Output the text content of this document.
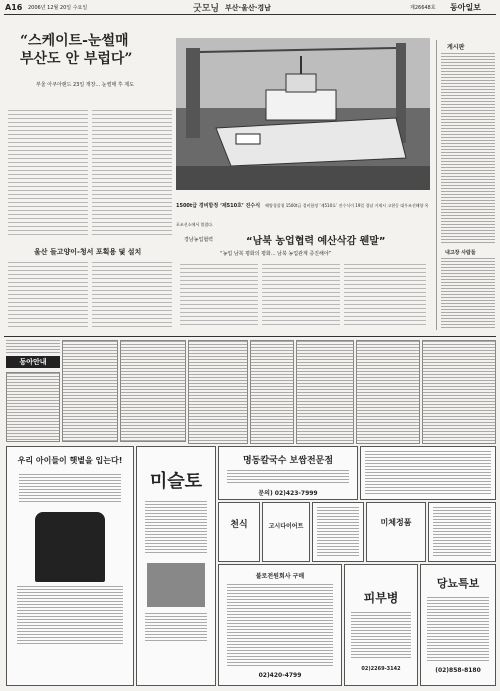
A16 2006년 12월 20일 수요일	굿모닝 부산·울산·경남	제26648호 동아일보
“스케이트-눈썰매
부산도 안 부럽다”
부울 아쿠아랜드 23일 개장... 눈썰매 후 제도
1500t급 경비함정 ‘제510호’ 진수식 해양경찰청 1500t급 경비함정 ‘제510호’ 진수식이 19일 경남 거제시 고현동 대우조선해양 옥포조선소에서 열렸다.
경남농업협력	“남북 농업협력 예산삭감 웬말”
“농업 남북 평화의 평화... 남북 농업관계 증진해야”
울산 들고양이-청서 포획용 덫 설치
게시판
내고장 사람들
동아안내
우리 아이들이 햇볕을 입는다!
미슬토
명동칼국수 보쌈전문점
문의) 02)423-7999
천식	고시다이어트	미체정품
불로전원회사 구매
02)420-4799
피부병
02)2269-3142
당뇨특보
(02)858-8180
